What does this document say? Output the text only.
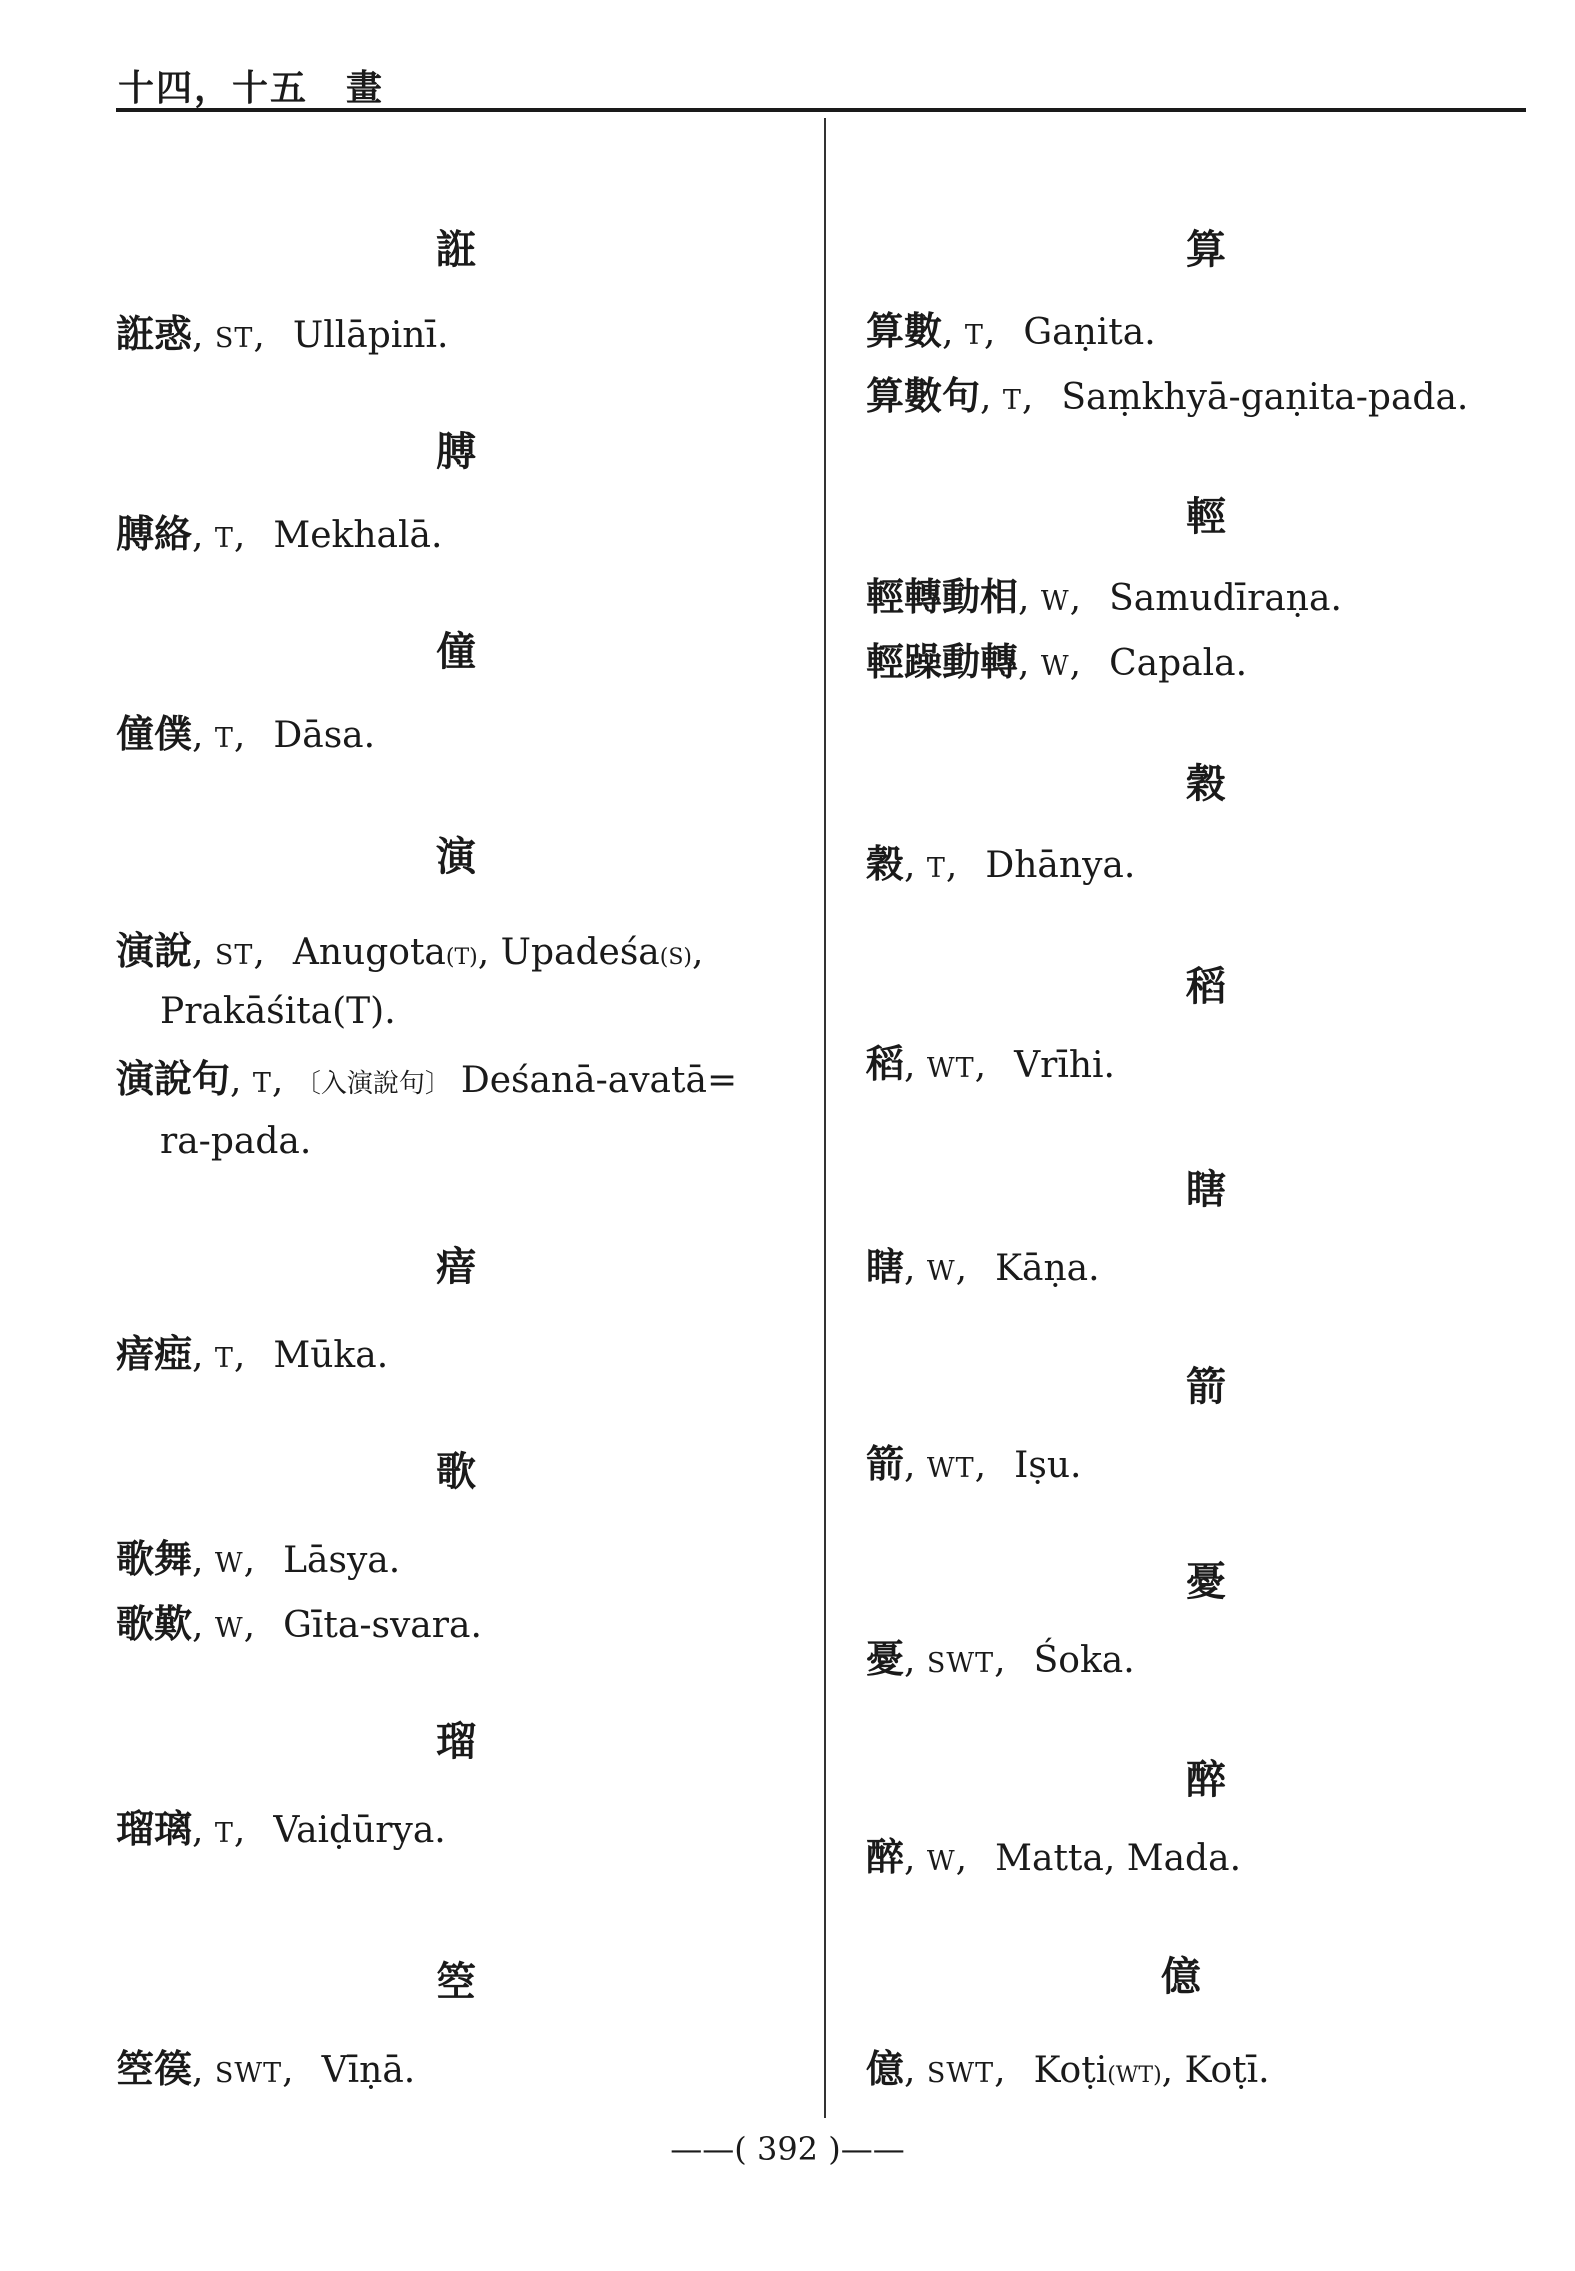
十四，十五　畫
誑
誑惑, ST, Ullāpinī.
膊
膊絡, T, Mekhalā.
僮
僮僕, T, Dāsa.
演
演說, ST, Anugota(T), Upadeśa(S),
Prakāśita(T).
演說句, T, 〔入演說句〕 Deśanā-avatā=
ra-pada.
瘖
瘖瘂, T, Mūka.
歌
歌舞, W, Lāsya.
歌歎, W, Gīta-svara.
瑠
瑠璃, T, Vaiḍūrya.
箜
箜篌, SWT, Vīṇā.
算
算數, T, Gaṇita.
算數句, T, Saṃkhyā-gaṇita-pada.
輕
輕轉動相, W, Samudīraṇa.
輕躁動轉, W, Capala.
穀
穀, T, Dhānya.
稻
稻, WT, Vrīhi.
瞎
瞎, W, Kāṇa.
箭
箭, WT, Iṣu.
憂
憂, SWT, Śoka.
醉
醉, W, Matta, Mada.
億
億, SWT, Koṭi(WT), Koṭī.
——( 392 )——
